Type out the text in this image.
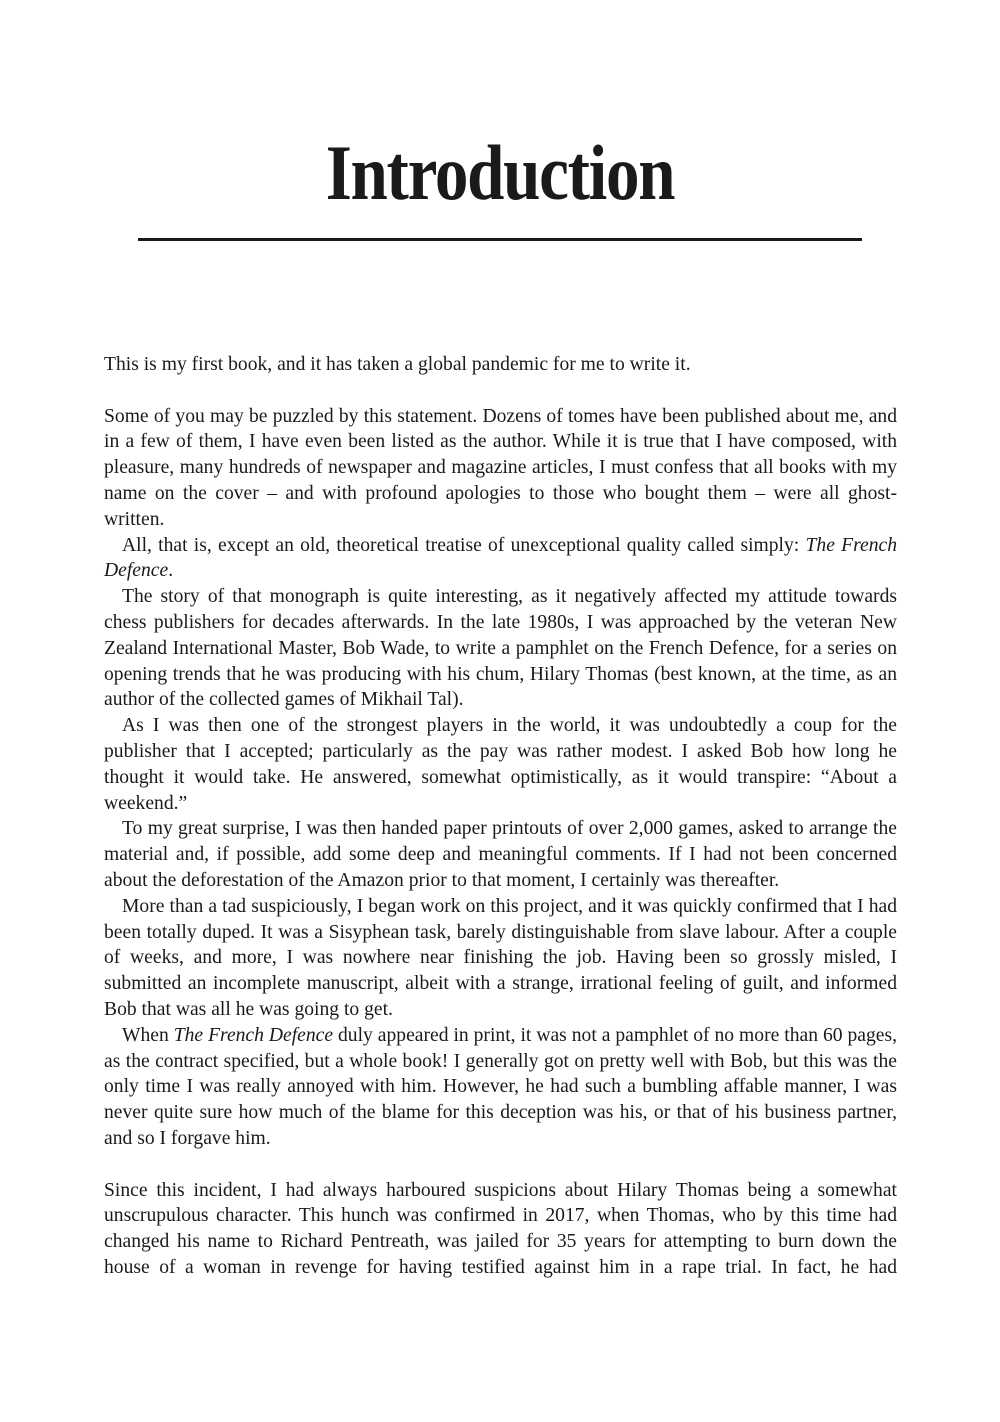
Introduction

This is my first book, and it has taken a global pandemic for me to write it.

Some of you may be puzzled by this statement. Dozens of tomes have been published about me, and in a few of them, I have even been listed as the author. While it is true that I have composed, with pleasure, many hundreds of newspaper and magazine articles, I must confess that all books with my name on the cover – and with profound apologies to those who bought them – were all ghost-written.

All, that is, except an old, theoretical treatise of unexceptional quality called simply: The French Defence.

The story of that monograph is quite interesting, as it negatively affected my attitude towards chess publishers for decades afterwards. In the late 1980s, I was approached by the veteran New Zealand International Master, Bob Wade, to write a pamphlet on the French Defence, for a series on opening trends that he was producing with his chum, Hilary Thomas (best known, at the time, as an author of the collected games of Mikhail Tal).

As I was then one of the strongest players in the world, it was undoubtedly a coup for the publisher that I accepted; particularly as the pay was rather modest. I asked Bob how long he thought it would take. He answered, somewhat optimistically, as it would transpire: “About a weekend.”

To my great surprise, I was then handed paper printouts of over 2,000 games, asked to arrange the material and, if possible, add some deep and meaningful comments. If I had not been concerned about the deforestation of the Amazon prior to that moment, I certainly was thereafter.

More than a tad suspiciously, I began work on this project, and it was quickly confirmed that I had been totally duped. It was a Sisyphean task, barely distinguishable from slave labour. After a couple of weeks, and more, I was nowhere near finishing the job. Having been so grossly misled, I submitted an incomplete manuscript, albeit with a strange, irrational feeling of guilt, and informed Bob that was all he was going to get.

When The French Defence duly appeared in print, it was not a pamphlet of no more than 60 pages, as the contract specified, but a whole book! I generally got on pretty well with Bob, but this was the only time I was really annoyed with him. However, he had such a bumbling affable manner, I was never quite sure how much of the blame for this deception was his, or that of his business partner, and so I forgave him.

Since this incident, I had always harboured suspicions about Hilary Thomas being a somewhat unscrupulous character. This hunch was confirmed in 2017, when Thomas, who by this time had changed his name to Richard Pentreath, was jailed for 35 years for attempting to burn down the house of a woman in revenge for having testified against him in a rape trial. In fact, he had
